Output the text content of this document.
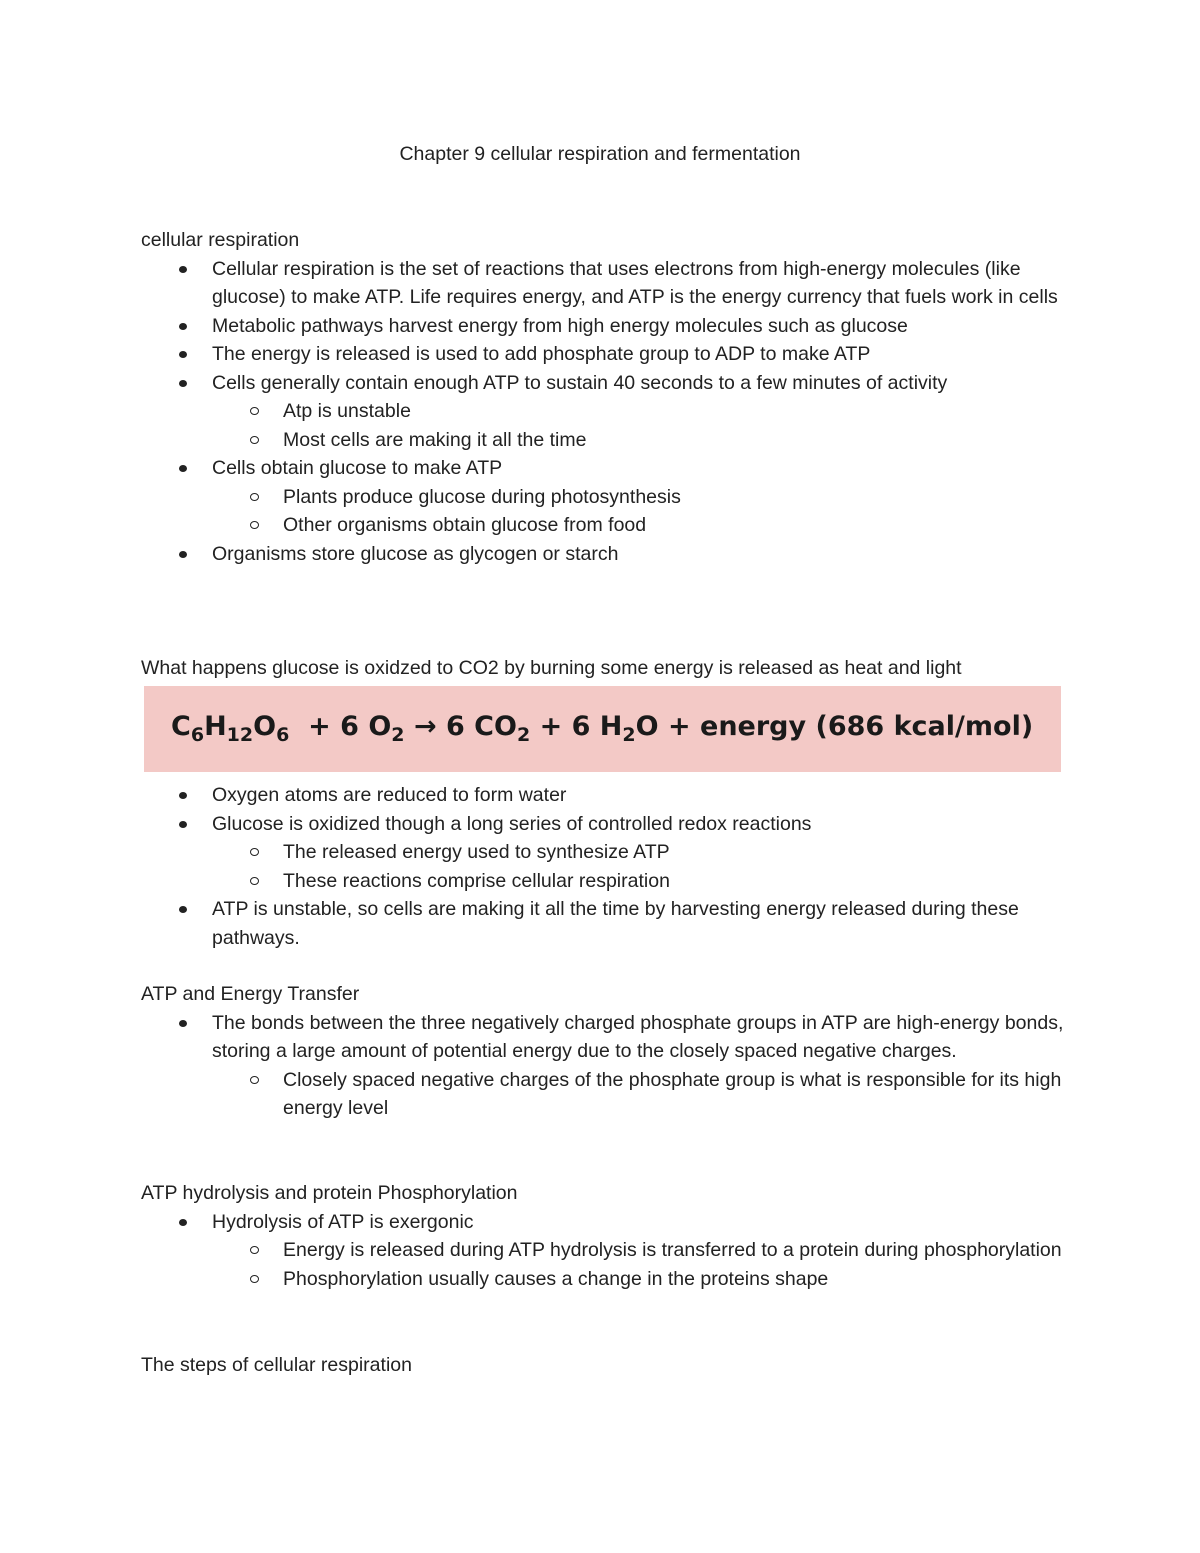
Chapter 9 cellular respiration and fermentation

cellular respiration

Cellular respiration is the set of reactions that uses electrons from high-energy molecules (like glucose) to make ATP. Life requires energy, and ATP is the energy currency that fuels work in cells
Metabolic pathways harvest energy from high energy molecules such as glucose
The energy is released is used to add phosphate group to ADP to make ATP
Cells generally contain enough ATP to sustain 40 seconds to a few minutes of activity
Atp is unstable
Most cells are making it all the time
Cells obtain glucose to make ATP
Plants produce glucose during photosynthesis
Other organisms obtain glucose from food
Organisms store glucose as glycogen or starch

What happens glucose is oxidzed to CO2 by burning some energy is released as heat and light

$C_6H_{12}O_6 + 6$ $O_2 \to 6$ $CO_2 + 6$ $H_2O$ + energy (686 kcal/mol)
Oxygen atoms are reduced to form water
Glucose is oxidized though a long series of controlled redox reactions
The released energy used to synthesize ATP
These reactions comprise cellular respiration
ATP is unstable, so cells are making it all the time by harvesting energy released during these pathways.

ATP and Energy Transfer

The bonds between the three negatively charged phosphate groups in ATP are high-energy bonds, storing a large amount of potential energy due to the closely spaced negative charges.
Closely spaced negative charges of the phosphate group is what is responsible for its high energy level

ATP hydrolysis and protein Phosphorylation

Hydrolysis of ATP is exergonic
Energy is released during ATP hydrolysis is transferred to a protein during phosphorylation
Phosphorylation usually causes a change in the proteins shape

The steps of cellular respiration
